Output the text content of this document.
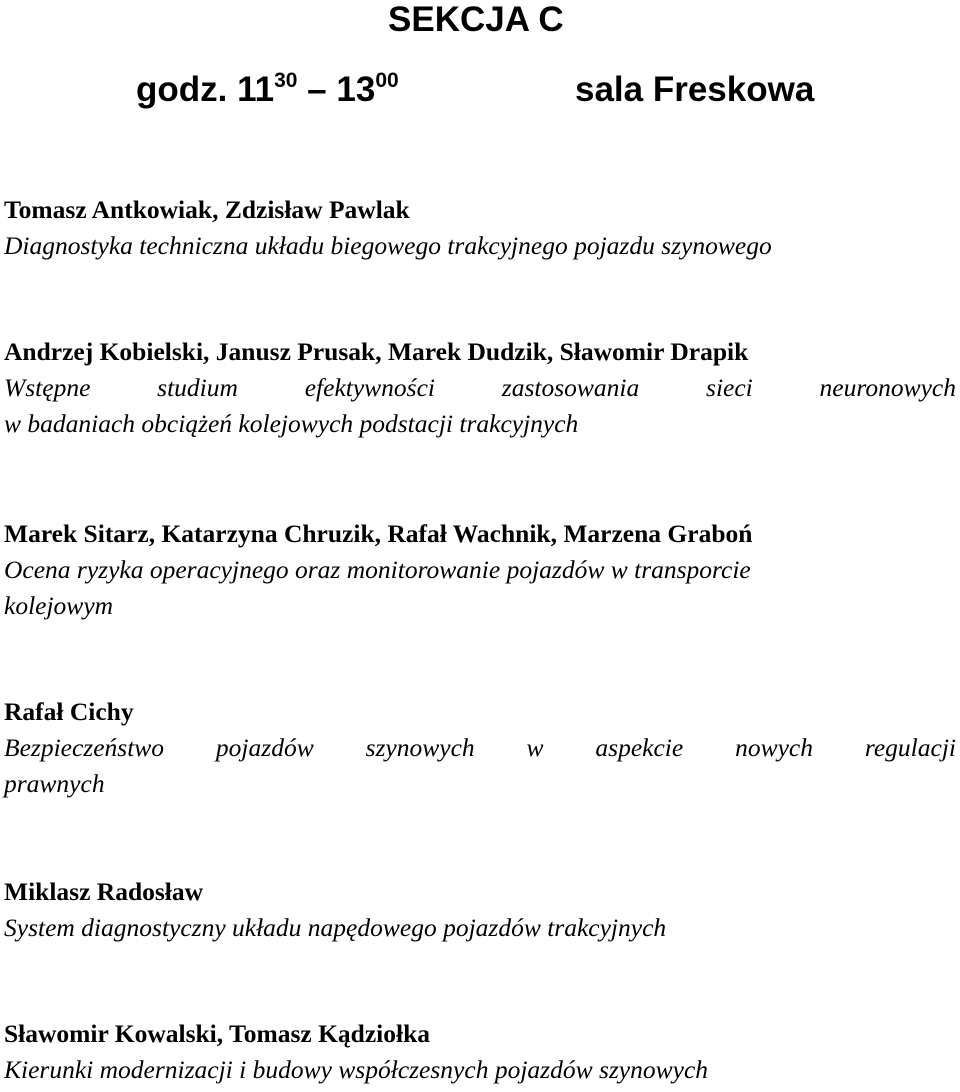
SEKCJA C
godz. $11^{30} - 13^{00}$	sala Freskowa
Tomasz Antkowiak, Zdzisław Pawlak
Diagnostyka techniczna układu biegowego trakcyjnego pojazdu szynowego
Andrzej Kobielski, Janusz Prusak, Marek Dudzik, Sławomir Drapik
Wstępne studium efektywności zastosowania sieci neuronowych
w badaniach obciążeń kolejowych podstacji trakcyjnych
Marek Sitarz, Katarzyna Chruzik, Rafał Wachnik, Marzena Graboń
Ocena ryzyka operacyjnego oraz monitorowanie pojazdów w transporcie
kolejowym
Rafał Cichy
Bezpieczeństwo pojazdów szynowych w aspekcie nowych regulacji
prawnych
Miklasz Radosław
System diagnostyczny układu napędowego pojazdów trakcyjnych
Sławomir Kowalski, Tomasz Kądziołka
Kierunki modernizacji i budowy współczesnych pojazdów szynowych
